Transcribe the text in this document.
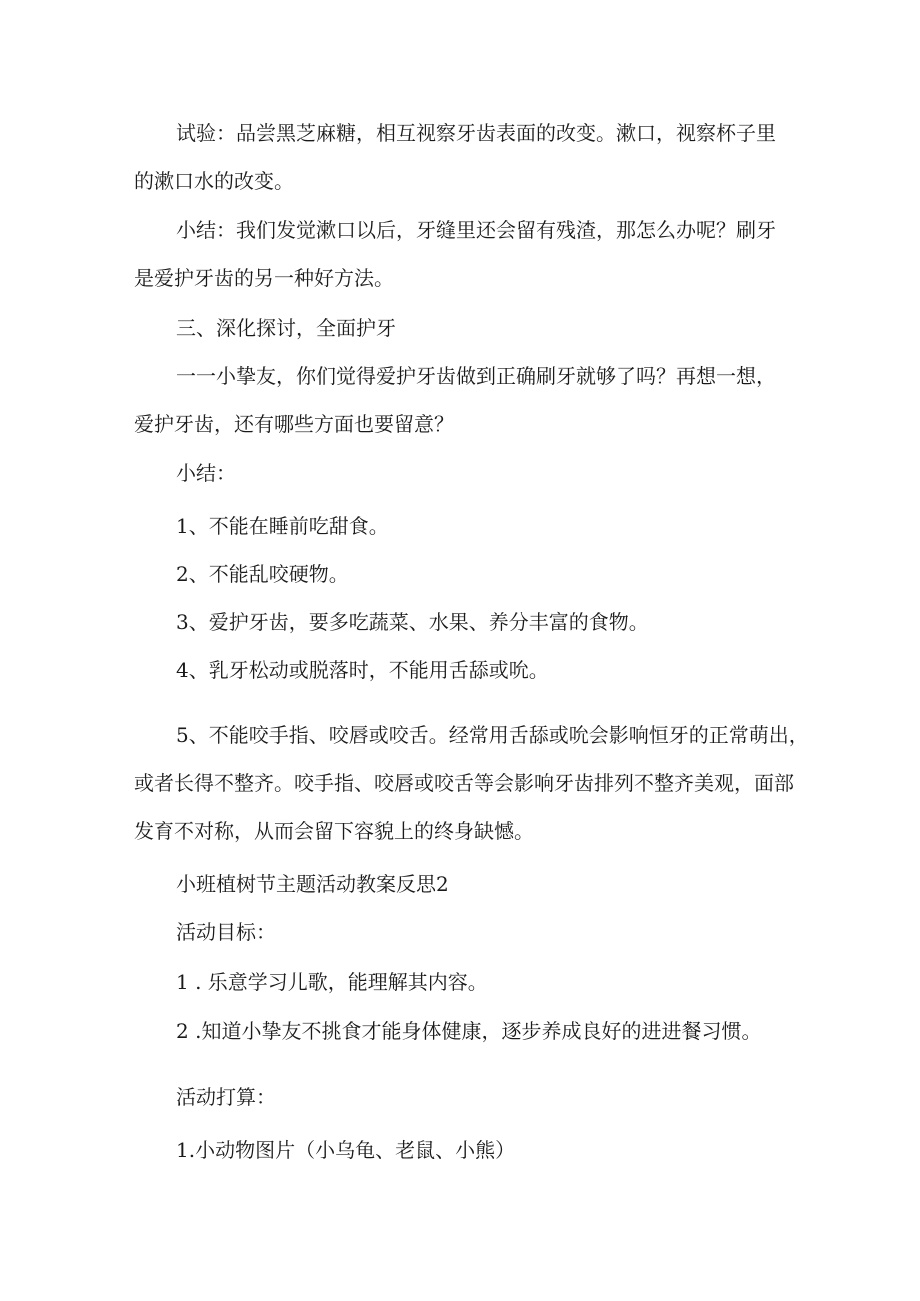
试验：品尝黑芝麻糖，相互视察牙齿表面的改变。漱口，视察杯子里

的漱口水的改变。

小结：我们发觉漱口以后，牙缝里还会留有残渣，那怎么办呢？刷牙

是爱护牙齿的另一种好方法。

三、深化探讨，全面护牙

一一小挚友，你们觉得爱护牙齿做到正确刷牙就够了吗？再想一想，

爱护牙齿，还有哪些方面也要留意？

小结：

1、不能在睡前吃甜食。

2、不能乱咬硬物。

3、爱护牙齿，要多吃蔬菜、水果、养分丰富的食物。

4、乳牙松动或脱落时，不能用舌舔或吮。

5、不能咬手指、咬唇或咬舌。经常用舌舔或吮会影响恒牙的正常萌出，

或者长得不整齐。咬手指、咬唇或咬舌等会影响牙齿排列不整齐美观，面部

发育不对称，从而会留下容貌上的终身缺憾。

小班植树节主题活动教案反思2

活动目标：

1 . 乐意学习儿歌，能理解其内容。

2 .知道小挚友不挑食才能身体健康，逐步养成良好的进进餐习惯。

活动打算：

1.小动物图片（小乌龟、老鼠、小熊）
